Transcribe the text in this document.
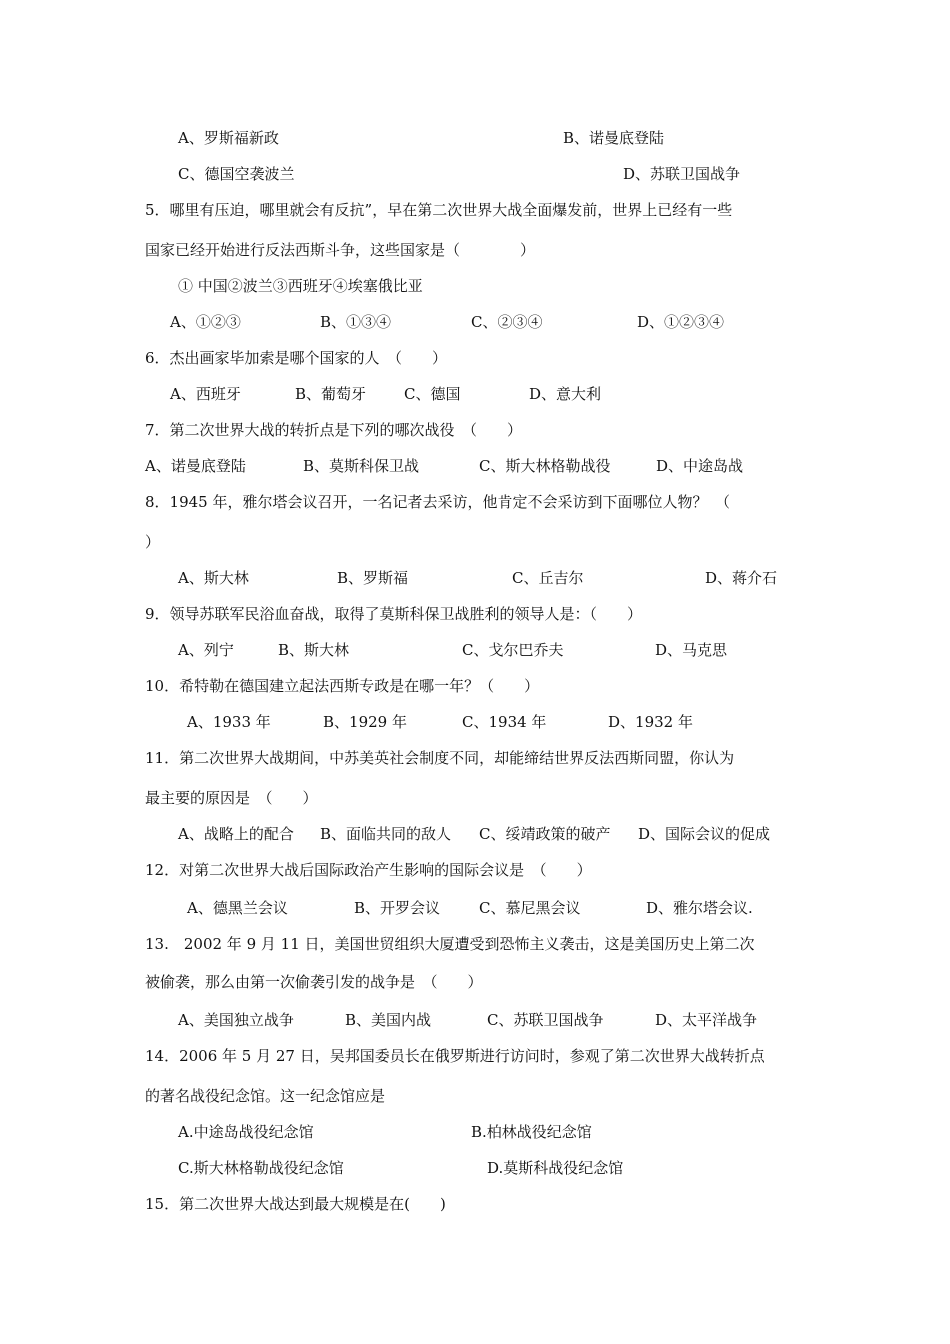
A、罗斯福新政	B、诺曼底登陆
C、德国空袭波兰	D、苏联卫国战争
5．哪里有压迫，哪里就会有反抗”，早在第二次世界大战全面爆发前，世界上已经有一些
国家已经开始进行反法西斯斗争，这些国家是（　　　　）
① 中国②波兰③西班牙④埃塞俄比亚
A、①②③	B、①③④	C、②③④	D、①②③④
6．杰出画家毕加索是哪个国家的人　（　　）
A、西班牙	B、葡萄牙	C、德国	D、意大利
7．第二次世界大战的转折点是下列的哪次战役　（　　）
A、诺曼底登陆	B、莫斯科保卫战	C、斯大林格勒战役	D、中途岛战
8．1945 年，雅尔塔会议召开，一名记者去采访，他肯定不会采访到下面哪位人物？　（
）
A、斯大林	B、罗斯福	C、丘吉尔	D、蒋介石
9．领导苏联军民浴血奋战，取得了莫斯科保卫战胜利的领导人是：（　　）
A、列宁	B、斯大林	C、戈尔巴乔夫	D、马克思
10．希特勒在德国建立起法西斯专政是在哪一年？（　　）
A、1933 年	B、1929 年	C、1934 年	D、1932 年
11．第二次世界大战期间，中苏美英社会制度不同，却能缔结世界反法西斯同盟，你认为
最主要的原因是　（　　）
A、战略上的配合 B、面临共同的敌人 C、绥靖政策的破产 D、国际会议的促成
12．对第二次世界大战后国际政治产生影响的国际会议是　（　　）
A、德黑兰会议	B、开罗会议	C、慕尼黑会议	D、雅尔塔会议.
13.　2002 年 9 月 11 日，美国世贸组织大厦遭受到恐怖主义袭击，这是美国历史上第二次
被偷袭，那么由第一次偷袭引发的战争是　（　　）
A、美国独立战争	B、美国内战	C、苏联卫国战争	D、太平洋战争
14．2006 年 5 月 27 日，吴邦国委员长在俄罗斯进行访问时，参观了第二次世界大战转折点
的著名战役纪念馆。这一纪念馆应是
A.中途岛战役纪念馆	B.柏林战役纪念馆
C.斯大林格勒战役纪念馆	D.莫斯科战役纪念馆
15．第二次世界大战达到最大规模是在(　　)
